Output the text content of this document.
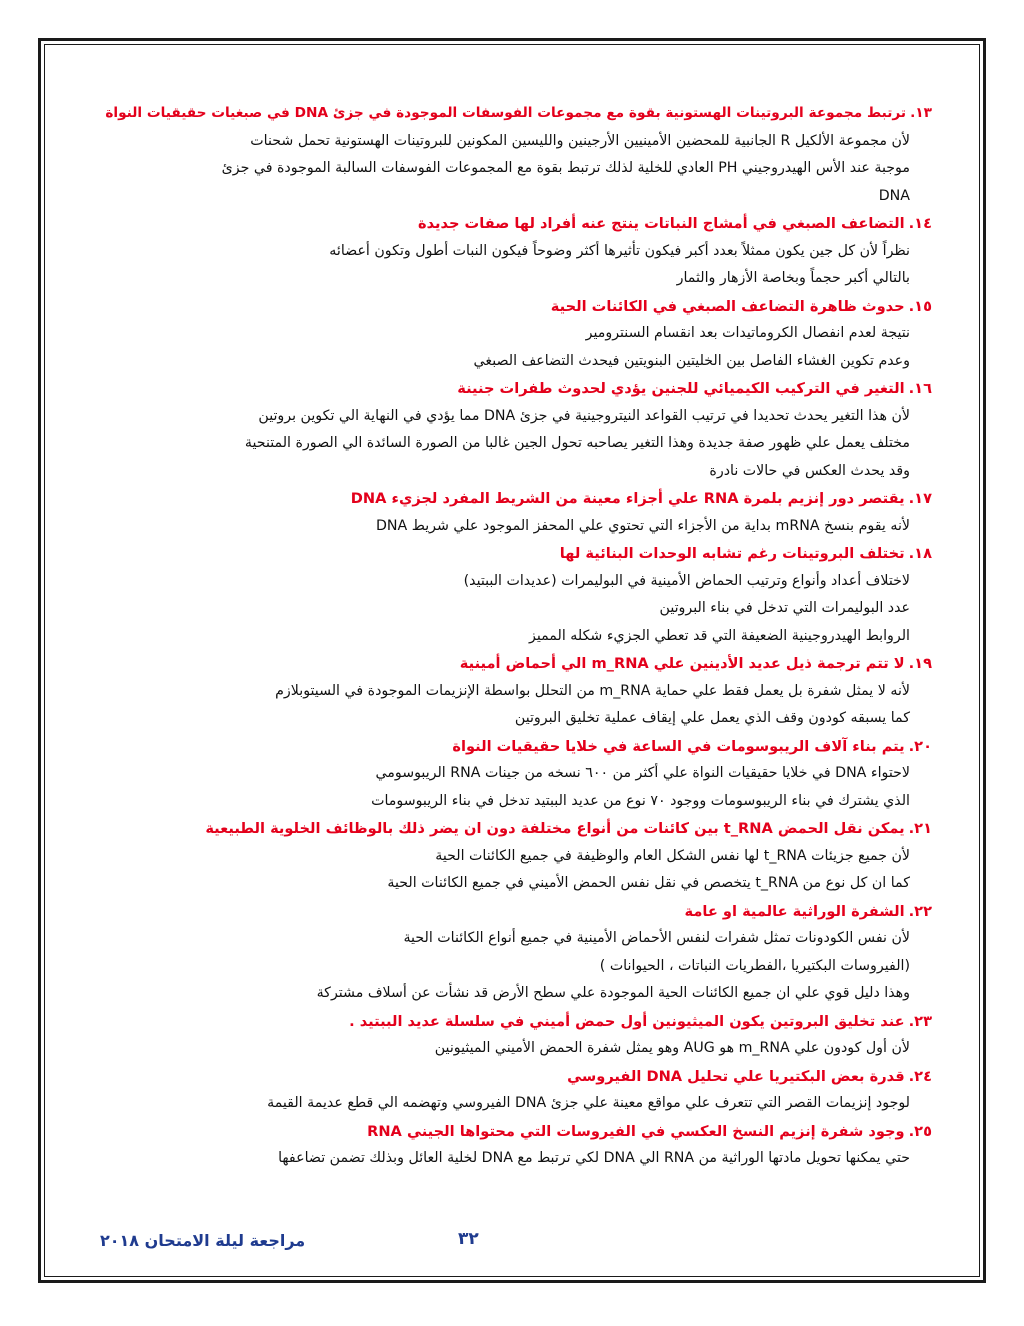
١٣.ترتبط مجموعة البروتينات الهستونية بقوة مع مجموعات الفوسفات الموجودة في جزئ DNA في صبغيات حقيقيات النواة
لأن مجموعة الألكيل R الجانبية للمحضين الأمينيين الأرجينين والليسين المكونين للبروتينات الهستونية تحمل شحنات
موجبة عند الأس الهيدروجيني PH العادي للخلية لذلك ترتبط بقوة مع المجموعات الفوسفات السالبة الموجودة في جزئ
DNA
١٤.التضاعف الصبغي في أمشاج النباتات ينتج عنه أفراد لها صفات جديدة
نظراً لأن كل جين يكون ممثلاً بعدد أكبر فيكون تأثيرها أكثر وضوحاً فيكون النبات أطول وتكون أعضائه
بالتالي أكبر حجماً وبخاصة الأزهار والثمار
١٥.حدوث ظاهرة التضاعف الصبغي في الكائنات الحية
نتيجة لعدم انفصال الكروماتيدات بعد انقسام السنترومير
وعدم تكوين الغشاء الفاصل بين الخليتين البنويتين فيحدث التضاعف الصبغي
١٦.التغير في التركيب الكيميائي للجنين يؤدي لحدوث طفرات جنينة
لأن هذا التغير يحدث تحديدا في ترتيب القواعد النيتروجينية في جزئ DNA مما يؤدي في النهاية الي تكوين بروتين
مختلف يعمل علي ظهور صفة جديدة وهذا التغير يصاحبه تحول الجين غالبا من الصورة السائدة الي الصورة المتنحية
وقد يحدث العكس في حالات نادرة
١٧.يقتصر دور إنزيم بلمرة RNA علي أجزاء معينة من الشريط المفرد لجزيء DNA
لأنه يقوم بنسخ mRNA بداية من الأجزاء التي تحتوي علي المحفز الموجود علي شريط DNA
١٨.تختلف البروتينات رغم تشابه الوحدات البنائية لها
لاختلاف أعداد وأنواع وترتيب الحماض الأمينية في البوليمرات (عديدات الببتيد)
عدد البوليمرات التي تدخل في بناء البروتين
الروابط الهيدروجينية الضعيفة التي قد تعطي الجزيء شكله المميز
١٩.لا تتم ترجمة ذيل عديد الأدينين علي m_RNA الي أحماض أمينية
لأنه لا يمثل شفرة بل يعمل فقط علي حماية m_RNA من التحلل بواسطة الإنزيمات الموجودة في السيتوبلازم
كما يسبقه كودون وقف الذي يعمل علي إيقاف عملية تخليق البروتين
٢٠.يتم بناء آلاف الريبوسومات في الساعة في خلايا حقيقيات النواة
لاحتواء DNA في خلايا حقيقيات النواة علي أكثر من ٦٠٠ نسخه من جينات RNA الريبوسومي
الذي يشترك في بناء الريبوسومات ووجود ٧٠ نوع من عديد الببتيد تدخل في بناء الريبوسومات
٢١.يمكن نقل الحمض t_RNA بين كائنات من أنواع مختلفة دون ان يضر ذلك بالوظائف الخلوية الطبيعية
لأن جميع جزيئات t_RNA لها نفس الشكل العام والوظيفة في جميع الكائنات الحية
كما ان كل نوع من t_RNA يتخصص في نقل نفس الحمض الأميني في جميع الكائنات الحية
٢٢.الشفرة الوراثية عالمية او عامة
لأن نفس الكودونات تمثل شفرات لنفس الأحماض الأمينية في جميع أنواع الكائنات الحية
(الفيروسات البكتيريا ،الفطريات النباتات ، الحيوانات )
وهذا دليل قوي علي ان جميع الكائنات الحية الموجودة علي سطح الأرض قد نشأت عن أسلاف مشتركة
٢٣.عند تخليق البروتين يكون الميثيونين أول حمض أميني في سلسلة عديد الببتيد .
لأن أول كودون علي m_RNA هو AUG وهو يمثل شفرة الحمض الأميني الميثيونين
٢٤.قدرة بعض البكتيريا علي تحليل DNA الفيروسي
لوجود إنزيمات القصر التي تتعرف علي مواقع معينة علي جزئ DNA الفيروسي وتهضمه الي قطع عديمة القيمة
٢٥.وجود شفرة إنزيم النسخ العكسي في الفيروسات التي محتواها الجيني RNA
حتي يمكنها تحويل مادتها الوراثية من RNA الي DNA لكي ترتبط مع DNA لخلية العائل وبذلك تضمن تضاعفها
مراجعة ليلة الامتحان ٢٠١٨	٣٢
